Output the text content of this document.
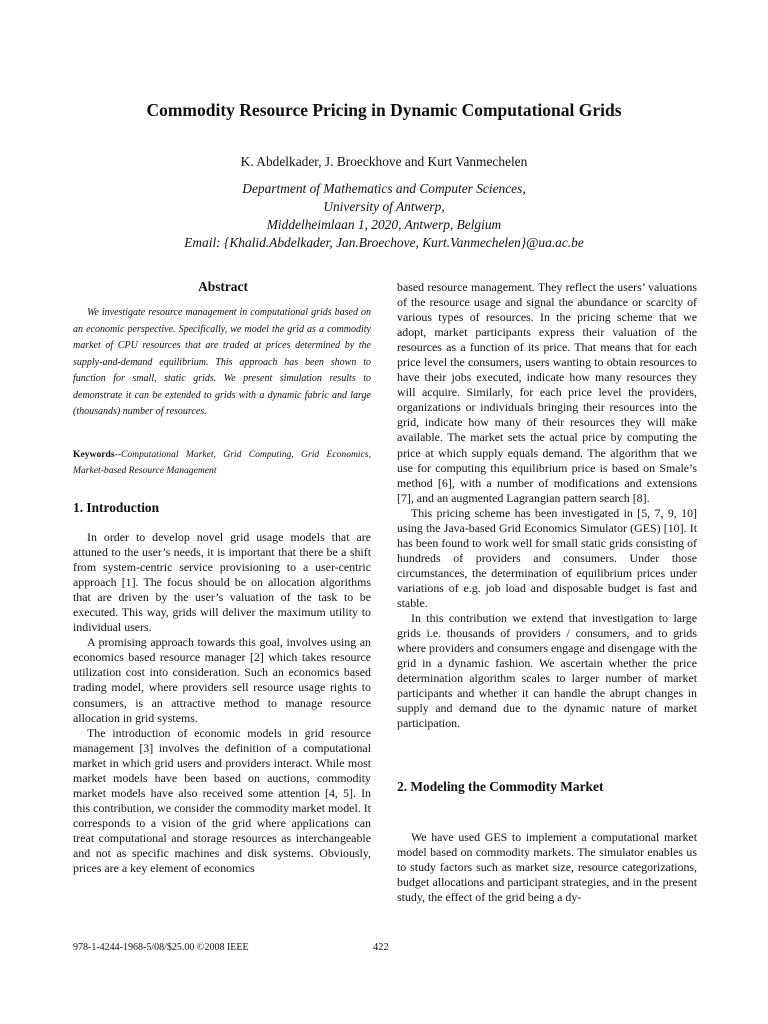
Commodity Resource Pricing in Dynamic Computational Grids
K. Abdelkader, J. Broeckhove and Kurt Vanmechelen
Department of Mathematics and Computer Sciences,
University of Antwerp,
Middelheimlaan 1, 2020, Antwerp, Belgium
Email: {Khalid.Abdelkader, Jan.Broechove, Kurt.Vanmechelen}@ua.ac.be
Abstract

We investigate resource management in computational grids based on an economic perspective. Specifically, we model the grid as a commodity market of CPU resources that are traded at prices determined by the supply-and-demand equilibrium. This approach has been shown to function for small, static grids. We present simulation results to demonstrate it can be extended to grids with a dynamic fabric and large (thousands) number of resources.

Keywords--Computational Market, Grid Computing, Grid Economics, Market-based Resource Management
1. Introduction

In order to develop novel grid usage models that are attuned to the user’s needs, it is important that there be a shift from system-centric service provisioning to a user-centric approach [1]. The focus should be on allocation algorithms that are driven by the user’s valuation of the task to be executed. This way, grids will deliver the maximum utility to individual users.

A promising approach towards this goal, involves using an economics based resource manager [2] which takes resource utilization cost into consideration. Such an economics based trading model, where providers sell resource usage rights to consumers, is an attractive method to manage resource allocation in grid systems.

The introduction of economic models in grid resource management [3] involves the definition of a computational market in which grid users and providers interact. While most market models have been based on auctions, commodity market models have also received some attention [4, 5]. In this contribution, we consider the commodity market model. It corresponds to a vision of the grid where applications can treat computational and storage resources as interchangeable and not as specific machines and disk systems. Obviously, prices are a key element of economics

based resource management. They reflect the users’ valuations of the resource usage and signal the abundance or scarcity of various types of resources. In the pricing scheme that we adopt, market participants express their valuation of the resources as a function of its price. That means that for each price level the consumers, users wanting to obtain resources to have their jobs executed, indicate how many resources they will acquire. Similarly, for each price level the providers, organizations or individuals bringing their resources into the grid, indicate how many of their resources they will make available. The market sets the actual price by computing the price at which supply equals demand. The algorithm that we use for computing this equilibrium price is based on Smale’s method [6], with a number of modifications and extensions [7], and an augmented Lagrangian pattern search [8].

This pricing scheme has been investigated in [5, 7, 9, 10] using the Java-based Grid Economics Simulator (GES) [10]. It has been found to work well for small static grids consisting of hundreds of providers and consumers. Under those circumstances, the determination of equilibrium prices under variations of e.g. job load and disposable budget is fast and stable.

In this contribution we extend that investigation to large grids i.e. thousands of providers / consumers, and to grids where providers and consumers engage and disengage with the grid in a dynamic fashion. We ascertain whether the price determination algorithm scales to larger number of market participants and whether it can handle the abrupt changes in supply and demand due to the dynamic nature of market participation.

2. Modeling the Commodity Market

We have used GES to implement a computational market model based on commodity markets. The simulator enables us to study factors such as market size, resource categorizations, budget allocations and participant strategies, and in the present study, the effect of the grid being a dy-

978-1-4244-1968-5/08/$25.00 ©2008 IEEE	422
